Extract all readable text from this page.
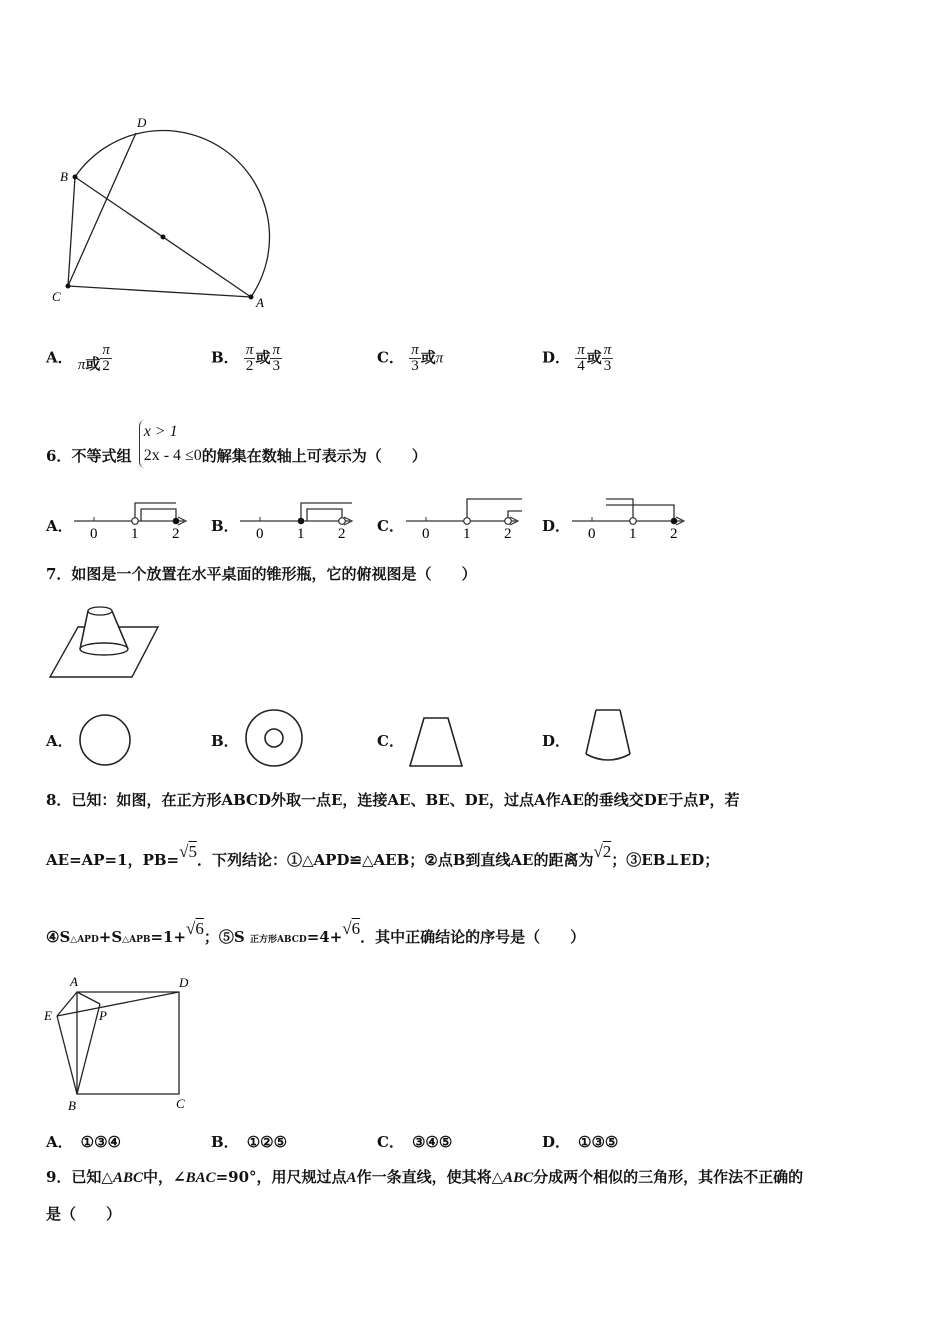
D
B
C	A
A． π或 $\frac{\pi}{2}$	B． $\frac{\pi}{2}$ 或 $\frac{\pi}{3}$	C． $\frac{\pi}{3}$ 或π	D． $\frac{\pi}{4}$ 或 $\frac{\pi}{3}$
6．不等式组
x > 1
2x - 4 ≤0 的解集在数轴上可表示为（　　）
A．	B．	C．	D．
0 1 2	0 1 2	0 1 2	0 1 2
7．如图是一个放置在水平桌面的锥形瓶，它的俯视图是（　　）
A．	B．	C．	D．
8．已知：如图，在正方形ABCD外取一点E，连接AE、BE、DE，过点A作AE的垂线交DE于点P，若
AE=AP=1，PB=√5．下列结论：①△APD≌△AEB；②点B到直线AE的距离为√2；③EB⊥ED；
④S△APD+S△APB=1+√6；⑤S 正方形ABCD=4+√6．其中正确结论的序号是（　　）
A	D
E	P
B	C
A． ①③④	B． ①②⑤	C． ③④⑤	D． ①③⑤
9．已知△ABC中，∠BAC=90°，用尺规过点A作一条直线，使其将△ABC分成两个相似的三角形，其作法不正确的
是（　　）
